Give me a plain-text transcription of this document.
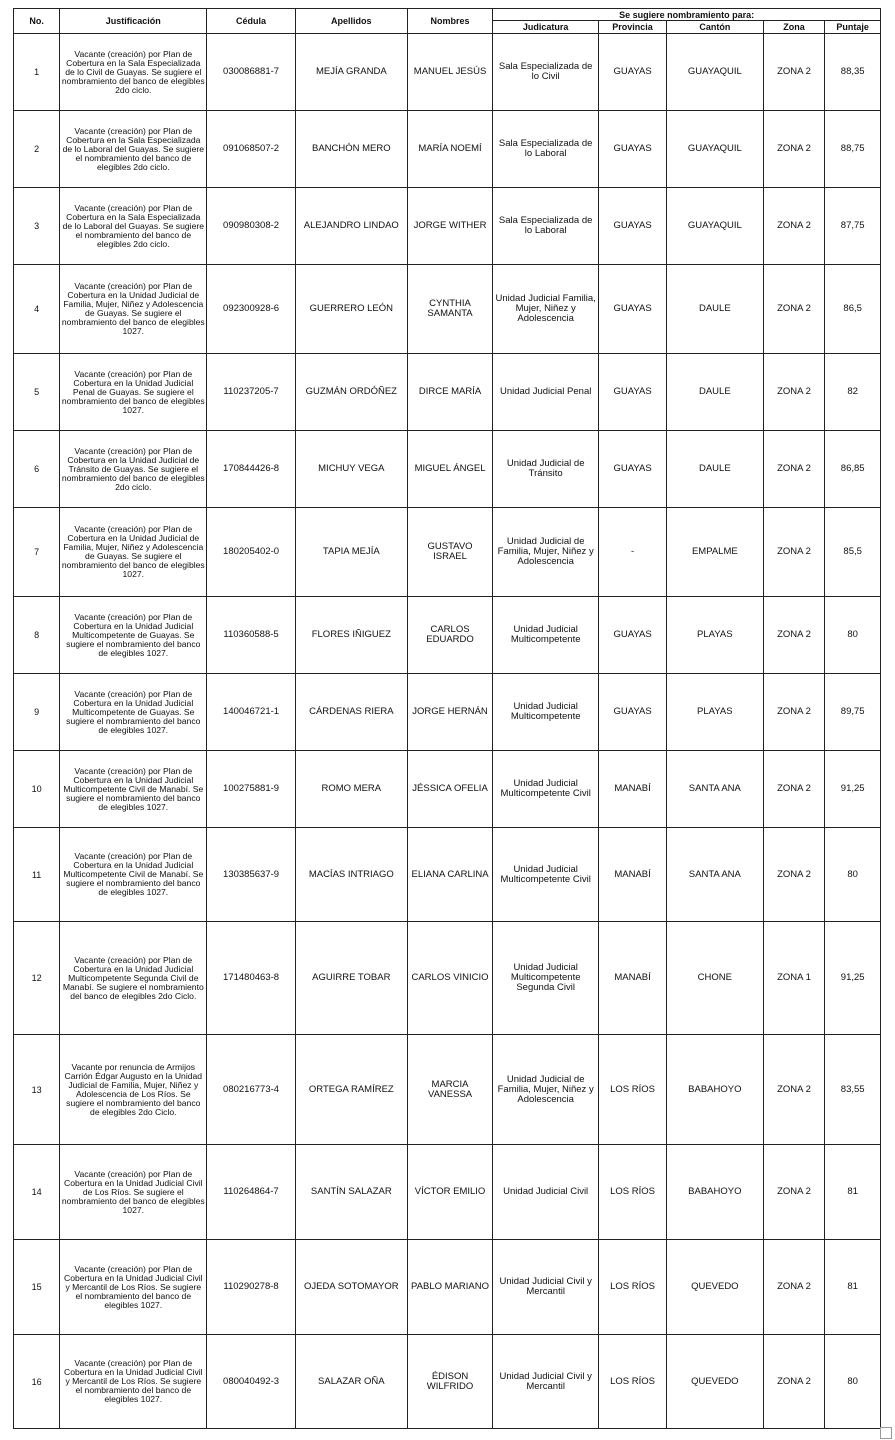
No.	Justificación	Cédula	Apellidos	Nombres	Se sugiere nombramiento para:				
					Judicatura	Provincia	Cantón	Zona	Puntaje
1	Vacante (creación) por Plan de Cobertura en la Sala Especializada de lo Civil de Guayas. Se sugiere el nombramiento del banco de elegibles 2do ciclo.	030086881-7	MEJÍA GRANDA	MANUEL JESÚS	Sala Especializada de lo Civil	GUAYAS	GUAYAQUIL	ZONA 2	88,35
2	Vacante (creación) por Plan de Cobertura en la Sala Especializada de lo Laboral del Guayas. Se sugiere el nombramiento del banco de elegibles 2do ciclo.	091068507-2	BANCHÓN MERO	MARÍA NOEMÍ	Sala Especializada de lo Laboral	GUAYAS	GUAYAQUIL	ZONA 2	88,75
3	Vacante (creación) por Plan de Cobertura en la Sala Especializada de lo Laboral del Guayas. Se sugiere el nombramiento del banco de elegibles 2do ciclo.	090980308-2	ALEJANDRO LINDAO	JORGE WITHER	Sala Especializada de lo Laboral	GUAYAS	GUAYAQUIL	ZONA 2	87,75
4	Vacante (creación) por Plan de Cobertura en la Unidad Judicial de Familia, Mujer, Niñez y Adolescencia de Guayas. Se sugiere el nombramiento del banco de elegibles 1027.	092300928-6	GUERRERO LEÓN	CYNTHIA SAMANTA	Unidad Judicial Familia, Mujer, Niñez y Adolescencia	GUAYAS	DAULE	ZONA 2	86,5
5	Vacante (creación) por Plan de Cobertura en la Unidad Judicial Penal de Guayas. Se sugiere el nombramiento del banco de elegibles 1027.	110237205-7	GUZMÁN ORDÓÑEZ	DIRCE MARÍA	Unidad Judicial Penal	GUAYAS	DAULE	ZONA 2	82
6	Vacante (creación) por Plan de Cobertura en la Unidad Judicial de Tránsito de Guayas. Se sugiere el nombramiento del banco de elegibles 2do ciclo.	170844426-8	MICHUY VEGA	MIGUEL ÁNGEL	Unidad Judicial de Tránsito	GUAYAS	DAULE	ZONA 2	86,85
7	Vacante (creación) por Plan de Cobertura en la Unidad Judicial de Familia, Mujer, Niñez y Adolescencia de Guayas. Se sugiere el nombramiento del banco de elegibles 1027.	180205402-0	TAPIA MEJÍA	GUSTAVO ISRAEL	Unidad Judicial de Familia, Mujer, Niñez y Adolescencia	-	EMPALME	ZONA 2	85,5
8	Vacante (creación) por Plan de Cobertura en la Unidad Judicial Multicompetente de Guayas. Se sugiere el nombramiento del banco de elegibles 1027.	110360588-5	FLORES IÑIGUEZ	CARLOS EDUARDO	Unidad Judicial Multicompetente	GUAYAS	PLAYAS	ZONA 2	80
9	Vacante (creación) por Plan de Cobertura en la Unidad Judicial Multicompetente de Guayas. Se sugiere el nombramiento del banco de elegibles 1027.	140046721-1	CÁRDENAS RIERA	JORGE HERNÁN	Unidad Judicial Multicompetente	GUAYAS	PLAYAS	ZONA 2	89,75
10	Vacante (creación) por Plan de Cobertura en la Unidad Judicial Multicompetente Civil de Manabí. Se sugiere el nombramiento del banco de elegibles 1027.	100275881-9	ROMO MERA	JÉSSICA OFELIA	Unidad Judicial Multicompetente Civil	MANABÍ	SANTA ANA	ZONA 2	91,25
11	Vacante (creación) por Plan de Cobertura en la Unidad Judicial Multicompetente Civil de Manabí. Se sugiere el nombramiento del banco de elegibles 1027.	130385637-9	MACÍAS INTRIAGO	ELIANA CARLINA	Unidad Judicial Multicompetente Civil	MANABÍ	SANTA ANA	ZONA 2	80
12	Vacante (creación) por Plan de Cobertura en la Unidad Judicial Multicompetente Segunda Civil de Manabí. Se sugiere el nombramiento del banco de elegibles 2do Ciclo.	171480463-8	AGUIRRE TOBAR	CARLOS VINICIO	Unidad Judicial Multicompetente Segunda Civil	MANABÍ	CHONE	ZONA 1	91,25
13	Vacante por renuncia de Armijos Carrión Édgar Augusto en la Unidad Judicial de Familia, Mujer, Niñez y Adolescencia de Los Ríos. Se sugiere el nombramiento del banco de elegibles 2do Ciclo.	080216773-4	ORTEGA RAMÍREZ	MARCIA VANESSA	Unidad Judicial de Familia, Mujer, Niñez y Adolescencia	LOS RÍOS	BABAHOYO	ZONA 2	83,55
14	Vacante (creación) por Plan de Cobertura en la Unidad Judicial Civil de Los Ríos. Se sugiere el nombramiento del banco de elegibles 1027.	110264864-7	SANTÍN SALAZAR	VÍCTOR EMILIO	Unidad Judicial Civil	LOS RÍOS	BABAHOYO	ZONA 2	81
15	Vacante (creación) por Plan de Cobertura en la Unidad Judicial Civil y Mercantil de Los Ríos. Se sugiere el nombramiento del banco de elegibles 1027.	110290278-8	OJEDA SOTOMAYOR	PABLO MARIANO	Unidad Judicial Civil y Mercantil	LOS RÍOS	QUEVEDO	ZONA 2	81
16	Vacante (creación) por Plan de Cobertura en la Unidad Judicial Civil y Mercantil de Los Ríos. Se sugiere el nombramiento del banco de elegibles 1027.	080040492-3	SALAZAR OÑA	ÉDISON WILFRIDO	Unidad Judicial Civil y Mercantil	LOS RÍOS	QUEVEDO	ZONA 2	80
